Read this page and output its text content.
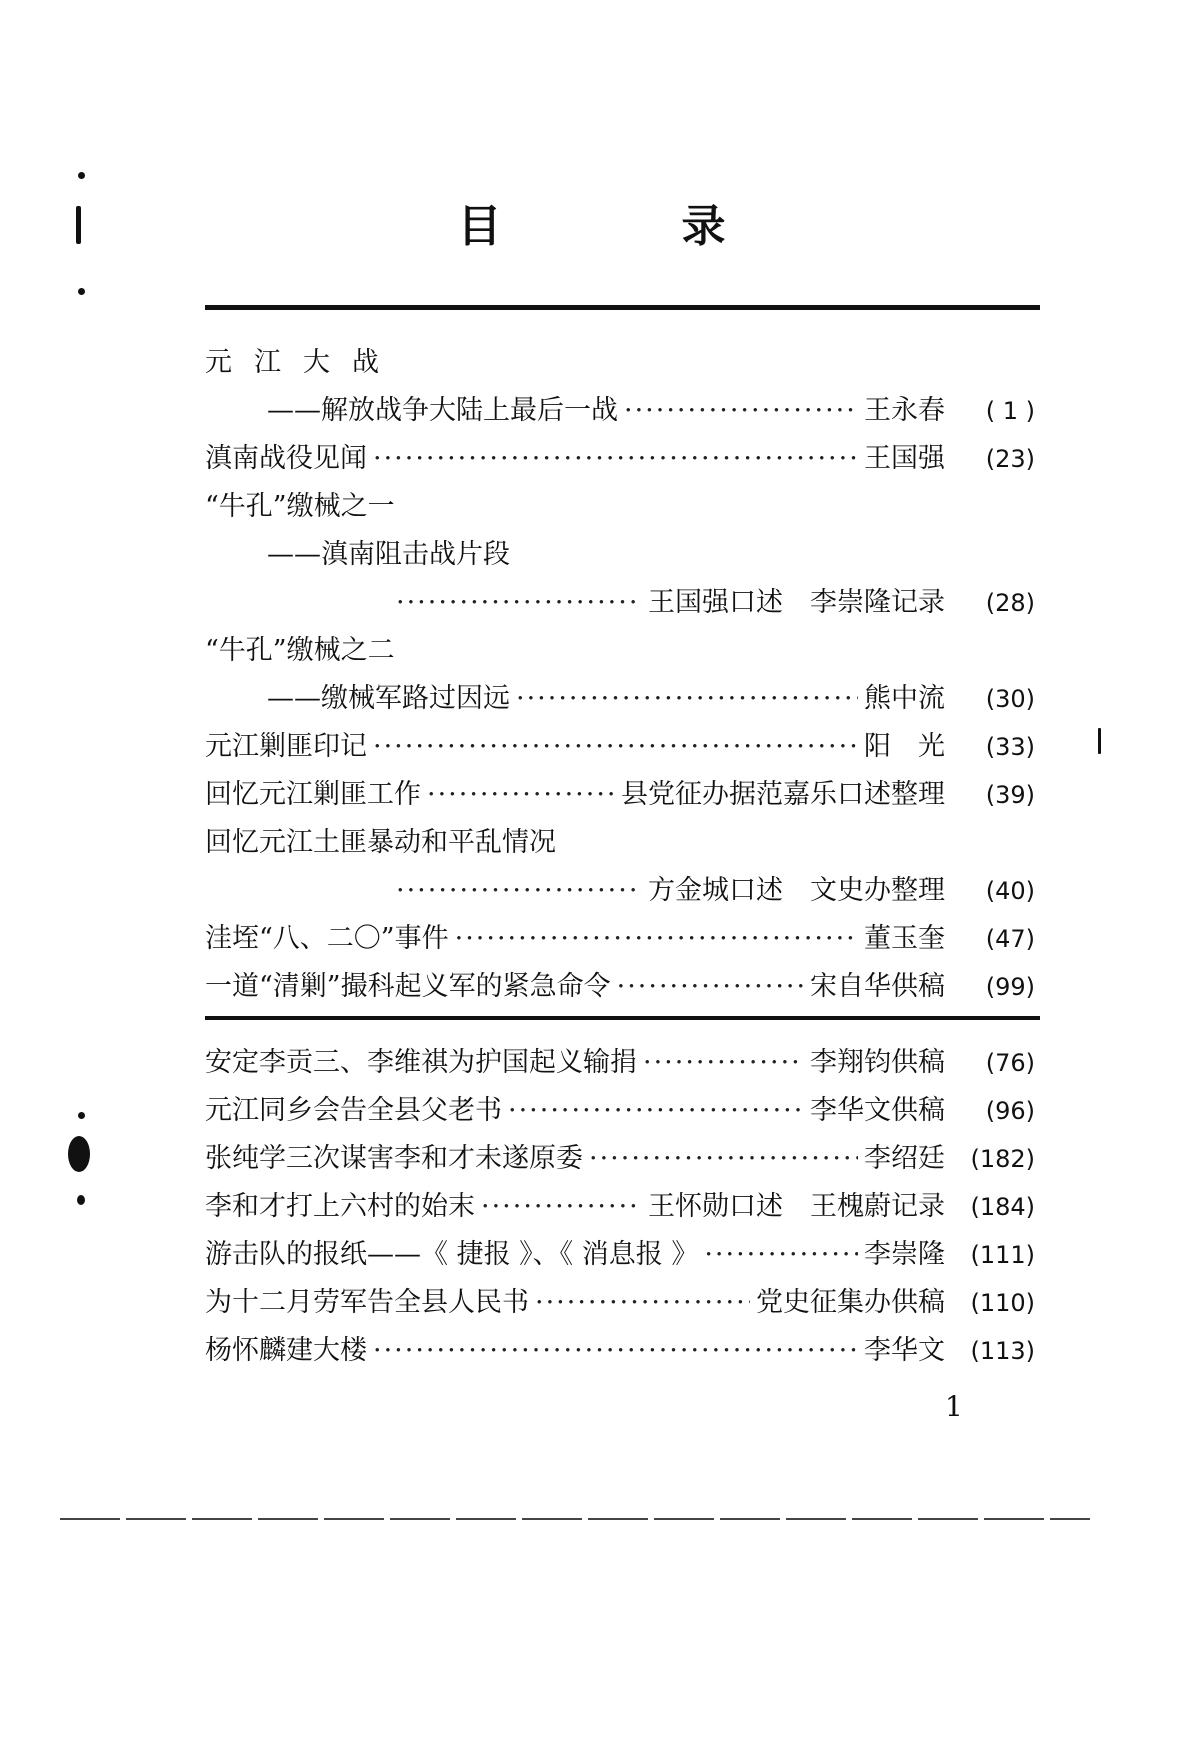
目	录
元江大战
——解放战争大陆上最后一战 ·····	王永春	( 1 )
滇南战役见闻 ·····	王国强	( 23 )
“牛孔”缴械之一
——滇南阻击战片段
·····
王国强口述　李崇隆记录	( 28 )
“牛孔”缴械之二
——缴械军路过因远 ·····	熊中流	( 30 )
元江剿匪印记 ·····	阳　光	( 33 )
回忆元江剿匪工作 ·····	县党征办据范嘉乐口述整理	( 39 )
回忆元江土匪暴动和平乱情况
·····
方金城口述　文史办整理	( 40 )
洼垤“八、二〇”事件 ·····	董玉奎	( 47 )
一道“清剿”撮科起义军的紧急命令 ·····	宋自华供稿	( 99 )
安定李贡三、李维祺为护国起义输捐 ·····	李翔钧供稿	( 76 )
元江同乡会告全县父老书 ·····	李华文供稿	( 96 )
张纯学三次谋害李和才未遂原委 ·····	李绍廷	( 182 )
李和才打上六村的始末 ·····	王怀勋口述　王槐蔚记录	( 184 )
游击队的报纸——《 捷报 》、《 消息报 》 ·····	李崇隆	( 111 )
为十二月劳军告全县人民书 ·····	党史征集办供稿	( 110 )
杨怀麟建大楼 ·····	李华文	( 113 )
1
